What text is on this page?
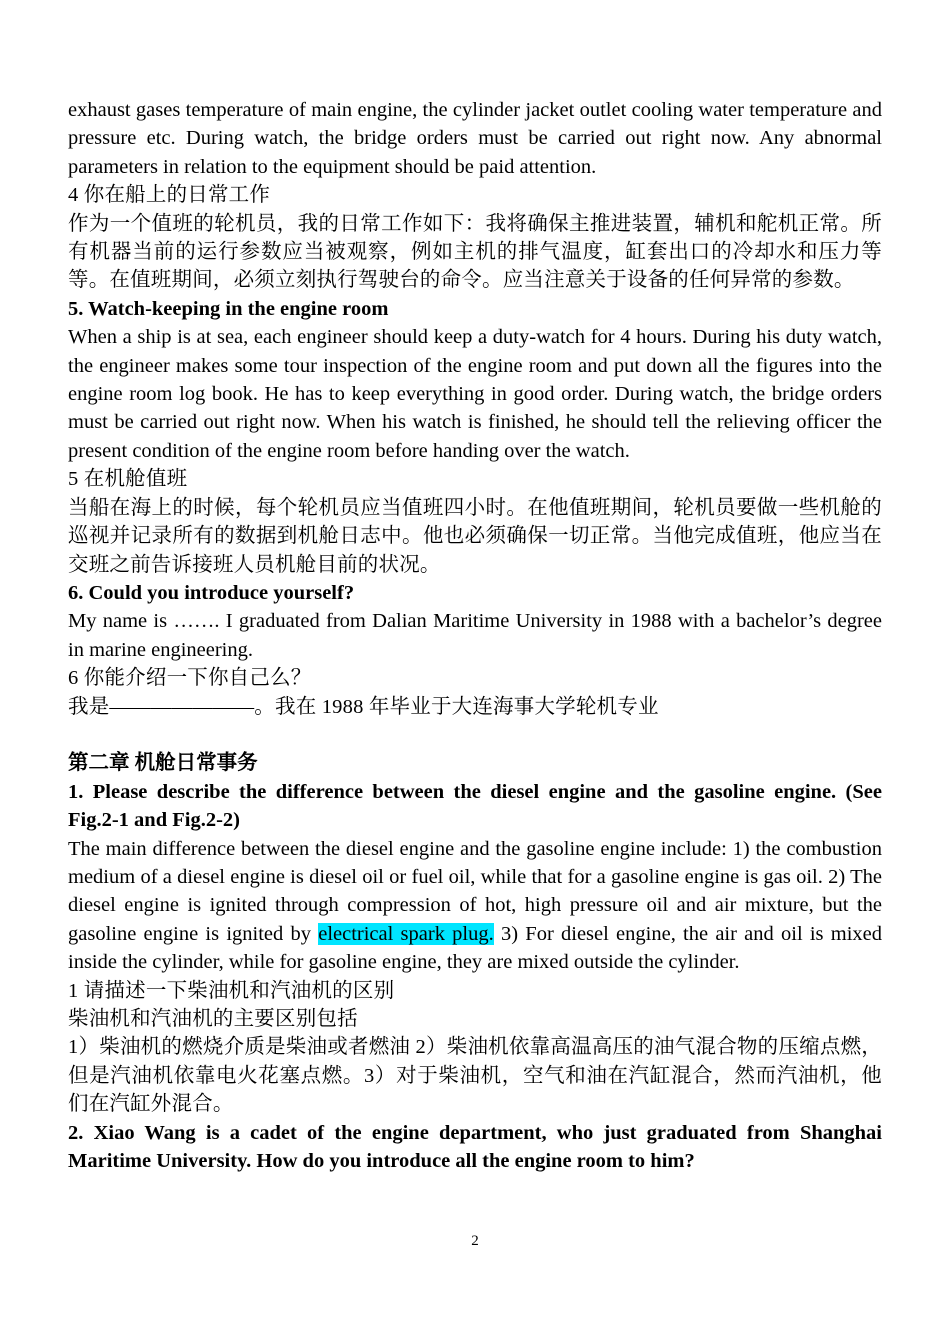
exhaust gases temperature of main engine, the cylinder jacket outlet cooling water temperature and pressure etc. During watch, the bridge orders must be carried out right now. Any abnormal parameters in relation to the equipment should be paid attention.

4 你在船上的日常工作

作为一个值班的轮机员，我的日常工作如下：我将确保主推进装置，辅机和舵机正常。所有机器当前的运行参数应当被观察，例如主机的排气温度，缸套出口的冷却水和压力等等。在值班期间，必须立刻执行驾驶台的命令。应当注意关于设备的任何异常的参数。

5. Watch-keeping in the engine room

When a ship is at sea, each engineer should keep a duty-watch for 4 hours. During his duty watch, the engineer makes some tour inspection of the engine room and put down all the figures into the engine room log book. He has to keep everything in good order. During watch, the bridge orders must be carried out right now. When his watch is finished, he should tell the relieving officer the present condition of the engine room before handing over the watch.

5 在机舱值班

当船在海上的时候，每个轮机员应当值班四小时。在他值班期间，轮机员要做一些机舱的巡视并记录所有的数据到机舱日志中。他也必须确保一切正常。当他完成值班，他应当在交班之前告诉接班人员机舱目前的状况。

6. Could you introduce yourself?

My name is ……. I graduated from Dalian Maritime University in 1988 with a bachelor’s degree in marine engineering.

6 你能介绍一下你自己么？

我是———————。我在 1988 年毕业于大连海事大学轮机专业

第二章 机舱日常事务

1. Please describe the difference between the diesel engine and the gasoline engine. (See Fig.2-1 and Fig.2-2)

The main difference between the diesel engine and the gasoline engine include: 1) the combustion medium of a diesel engine is diesel oil or fuel oil, while that for a gasoline engine is gas oil. 2) The diesel engine is ignited through compression of hot, high pressure oil and air mixture, but the gasoline engine is ignited by electrical spark plug. 3) For diesel engine, the air and oil is mixed inside the cylinder, while for gasoline engine, they are mixed outside the cylinder.

1 请描述一下柴油机和汽油机的区别

柴油机和汽油机的主要区别包括

1）柴油机的燃烧介质是柴油或者燃油 2）柴油机依靠高温高压的油气混合物的压缩点燃，但是汽油机依靠电火花塞点燃。3）对于柴油机，空气和油在汽缸混合，然而汽油机，他们在汽缸外混合。

2. Xiao Wang is a cadet of the engine department, who just graduated from Shanghai Maritime University. How do you introduce all the engine room to him?

2
